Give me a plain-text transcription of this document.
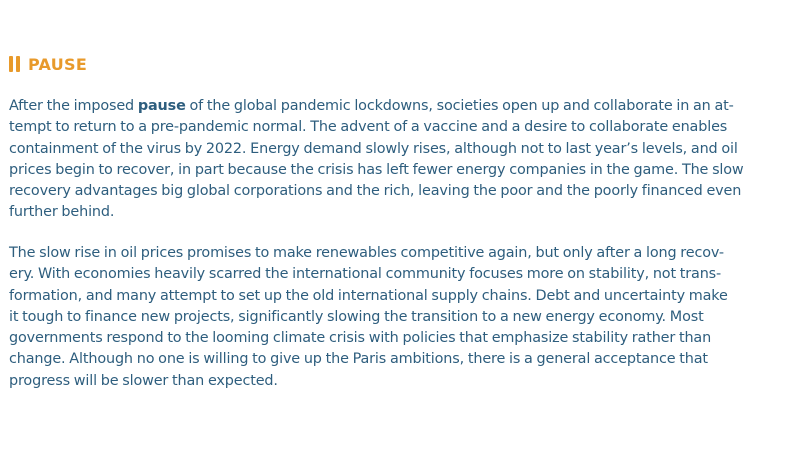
PAUSE

After the imposed pause of the global pandemic lockdowns, societies open up and collaborate in an at-
tempt to return to a pre-pandemic normal. The advent of a vaccine and a desire to collaborate enables
containment of the virus by 2022. Energy demand slowly rises, although not to last year’s levels, and oil
prices begin to recover, in part because the crisis has left fewer energy companies in the game. The slow
recovery advantages big global corporations and the rich, leaving the poor and the poorly financed even
further behind.

The slow rise in oil prices promises to make renewables competitive again, but only after a long recov-
ery. With economies heavily scarred the international community focuses more on stability, not trans-
formation, and many attempt to set up the old international supply chains. Debt and uncertainty make
it tough to finance new projects, significantly slowing the transition to a new energy economy. Most
governments respond to the looming climate crisis with policies that emphasize stability rather than
change. Although no one is willing to give up the Paris ambitions, there is a general acceptance that
progress will be slower than expected.
